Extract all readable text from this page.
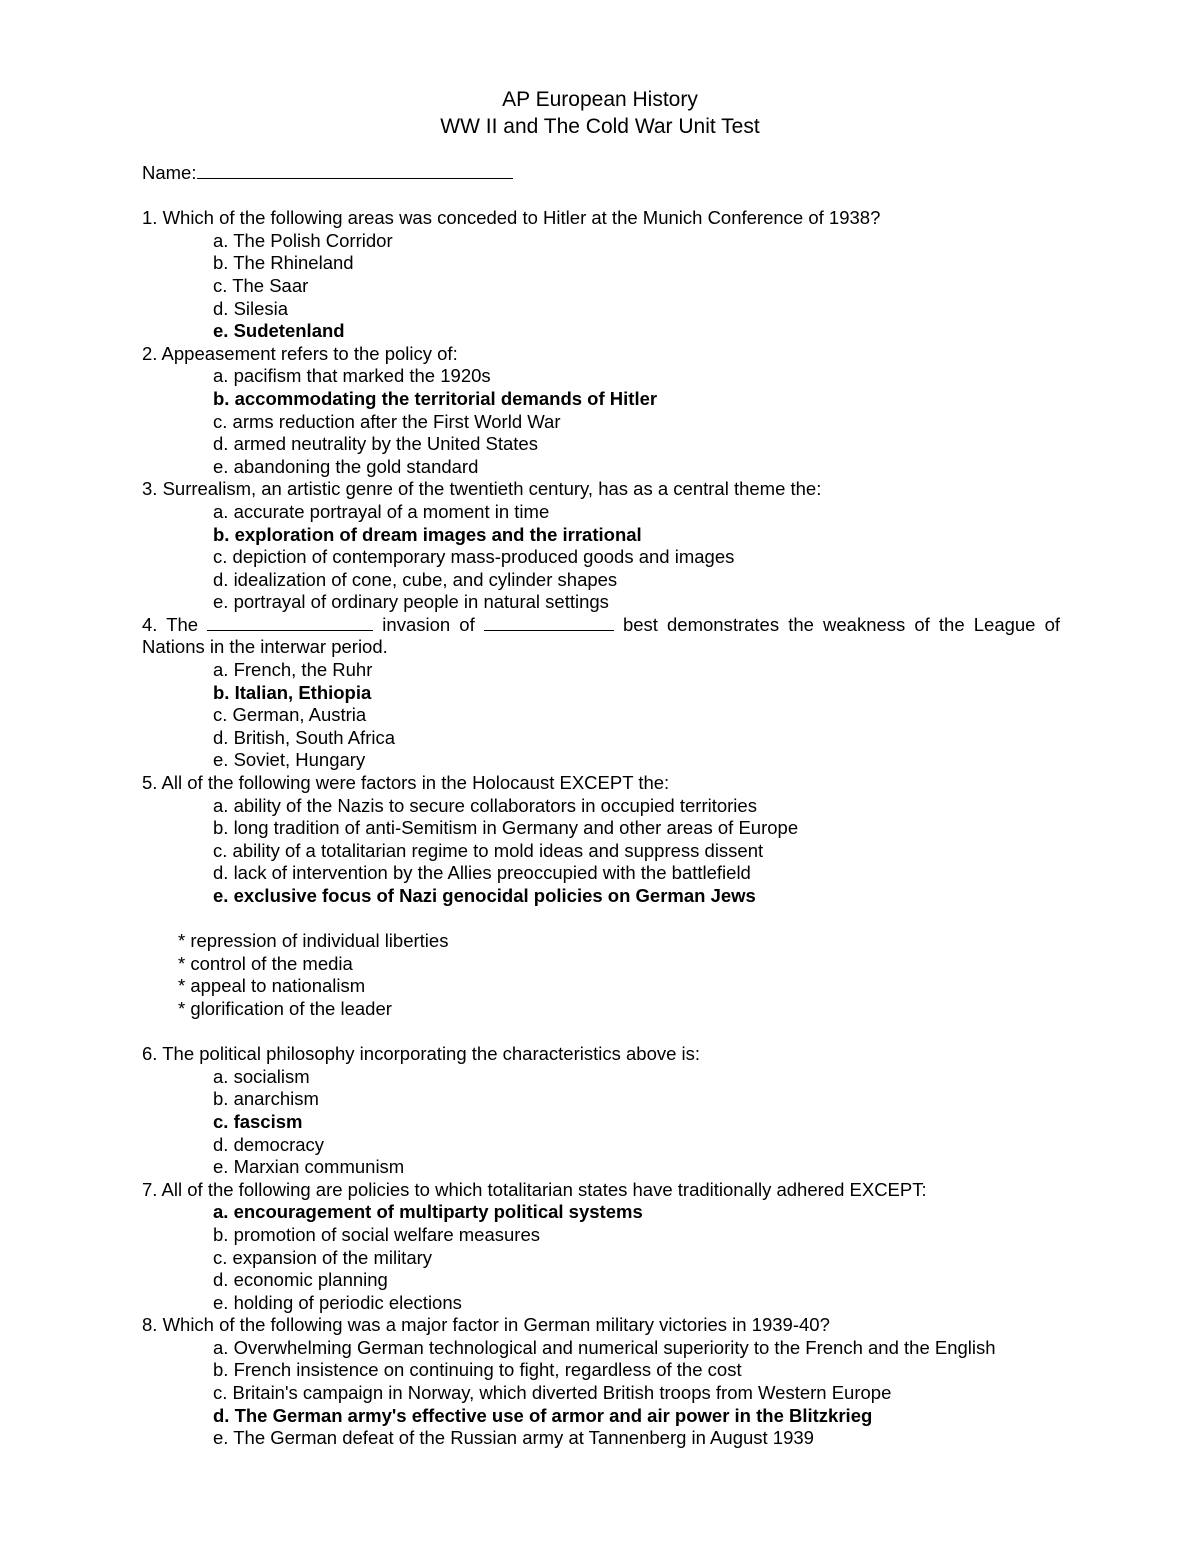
AP European History
WW II and The Cold War Unit Test
Name:
1. Which of the following areas was conceded to Hitler at the Munich Conference of 1938?
a. The Polish Corridor
b. The Rhineland
c. The Saar
d. Silesia
e. Sudetenland
2. Appeasement refers to the policy of:
a. pacifism that marked the 1920s
b. accommodating the territorial demands of Hitler
c. arms reduction after the First World War
d. armed neutrality by the United States
e. abandoning the gold standard
3. Surrealism, an artistic genre of the twentieth century, has as a central theme the:
a. accurate portrayal of a moment in time
b. exploration of dream images and the irrational
c. depiction of contemporary mass-produced goods and images
d. idealization of cone, cube, and cylinder shapes
e. portrayal of ordinary people in natural settings
4. The	invasion of	best demonstrates the weakness of the League of
Nations in the interwar period.
a. French, the Ruhr
b. Italian, Ethiopia
c. German, Austria
d. British, South Africa
e. Soviet, Hungary
5. All of the following were factors in the Holocaust EXCEPT the:
a. ability of the Nazis to secure collaborators in occupied territories
b. long tradition of anti-Semitism in Germany and other areas of Europe
c. ability of a totalitarian regime to mold ideas and suppress dissent
d. lack of intervention by the Allies preoccupied with the battlefield
e. exclusive focus of Nazi genocidal policies on German Jews
* repression of individual liberties
* control of the media
* appeal to nationalism
* glorification of the leader
6. The political philosophy incorporating the characteristics above is:
a. socialism
b. anarchism
c. fascism
d. democracy
e. Marxian communism
7. All of the following are policies to which totalitarian states have traditionally adhered EXCEPT:
a. encouragement of multiparty political systems
b. promotion of social welfare measures
c. expansion of the military
d. economic planning
e. holding of periodic elections
8. Which of the following was a major factor in German military victories in 1939-40?
a. Overwhelming German technological and numerical superiority to the French and the English
b. French insistence on continuing to fight, regardless of the cost
c. Britain's campaign in Norway, which diverted British troops from Western Europe
d. The German army's effective use of armor and air power in the Blitzkrieg
e. The German defeat of the Russian army at Tannenberg in August 1939
